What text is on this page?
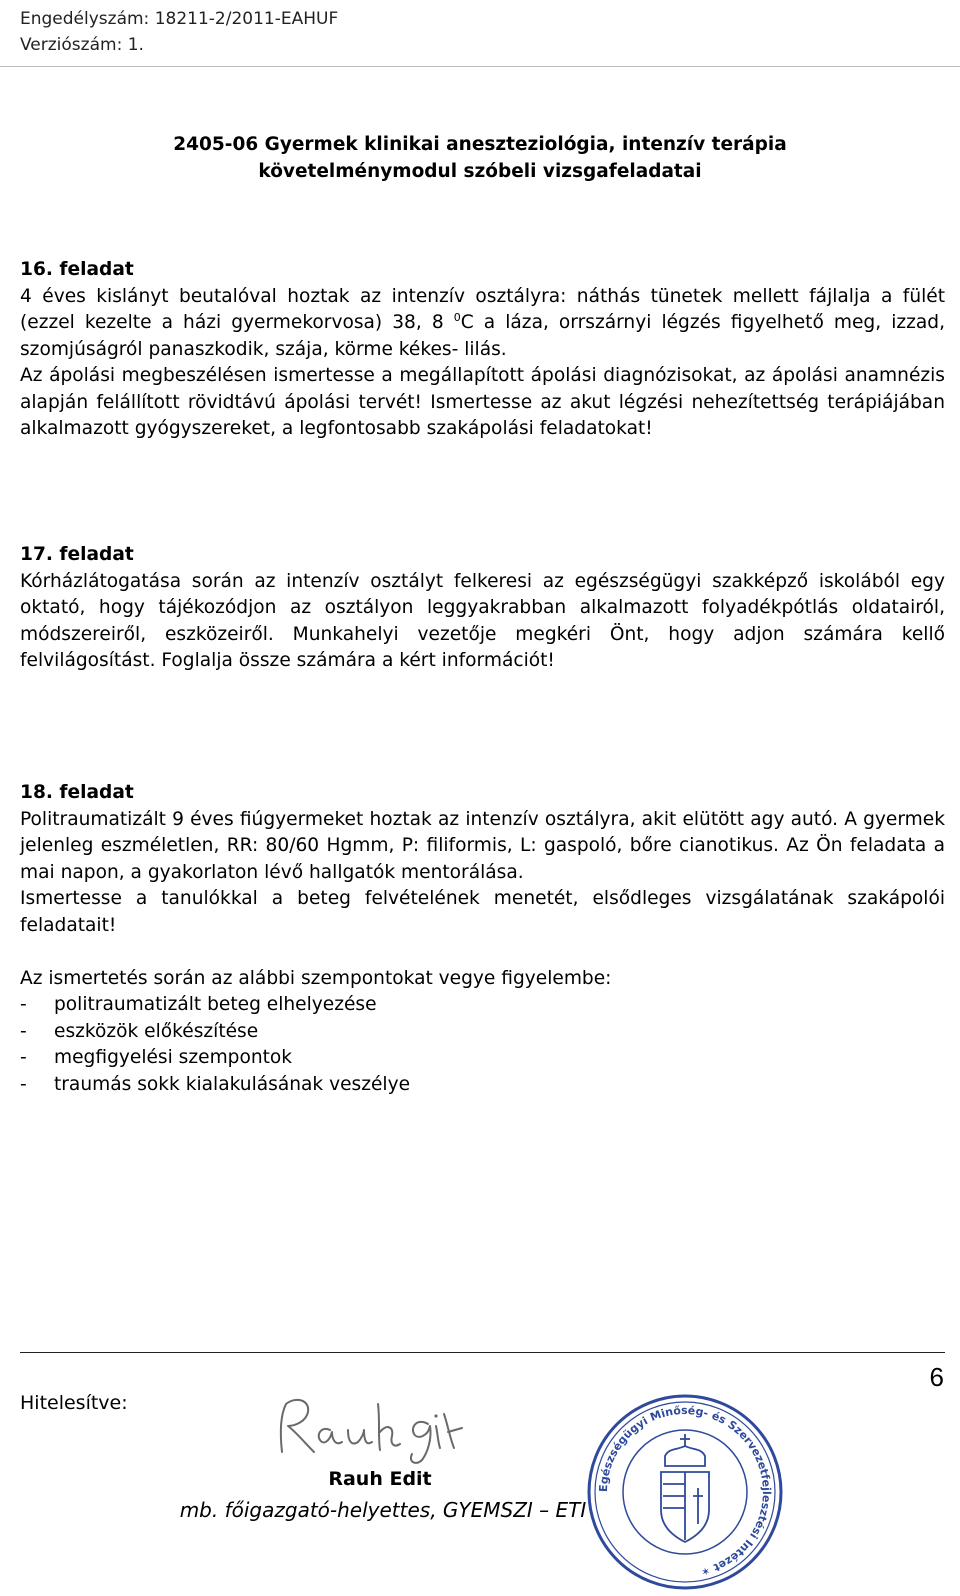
Engedélyszám: 18211-2/2011-EAHUF
Verziószám: 1.
2405-06 Gyermek klinikai aneszteziológia, intenzív terápia
követelménymodul szóbeli vizsgafeladatai
16. feladat

4 éves kislányt beutalóval hoztak az intenzív osztályra: náthás tünetek mellett fájlalja a fülét (ezzel kezelte a házi gyermekorvosa) 38, 8 $^0$C a láza, orrszárnyi légzés figyelhető meg, izzad, szomjúságról panaszkodik, szája, körme kékes- lilás.

Az ápolási megbeszélésen ismertesse a megállapított ápolási diagnózisokat, az ápolási anamnézis alapján felállított rövidtávú ápolási tervét! Ismertesse az akut légzési nehezítettség terápiájában alkalmazott gyógyszereket, a legfontosabb szakápolási feladatokat!

17. feladat

Kórházlátogatása során az intenzív osztályt felkeresi az egészségügyi szakképző iskolából egy oktató, hogy tájékozódjon az osztályon leggyakrabban alkalmazott folyadékpótlás oldatairól, módszereiről, eszközeiről. Munkahelyi vezetője megkéri Önt, hogy adjon számára kellő felvilágosítást. Foglalja össze számára a kért információt!

18. feladat

Politraumatizált 9 éves fiúgyermeket hoztak az intenzív osztályra, akit elütött agy autó. A gyermek jelenleg eszméletlen, RR: 80/60 Hgmm, P: filiformis, L: gaspoló, bőre cianotikus. Az Ön feladata a mai napon, a gyakorlaton lévő hallgatók mentorálása.

Ismertesse a tanulókkal a beteg felvételének menetét, elsődleges vizsgálatának szakápolói feladatait!

Az ismertetés során az alábbi szempontokat vegye figyelembe:

- politraumatizált beteg elhelyezése
- eszközök előkészítése
- megfigyelési szempontok
- traumás sokk kialakulásának veszélye
6
Hitelesítve:
Egészségügyi Minőség- és Szervezetfejlesztési Intézet ✶
Rauh Edit
mb. főigazgató-helyettes, GYEMSZI – ETI
